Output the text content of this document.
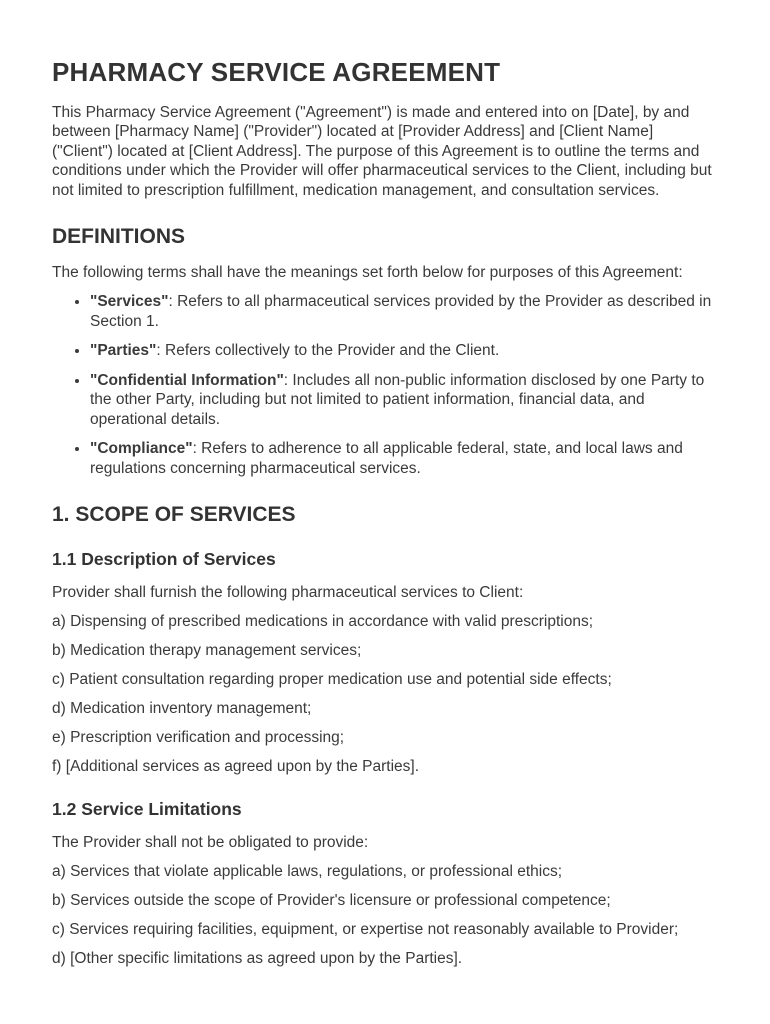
PHARMACY SERVICE AGREEMENT

This Pharmacy Service Agreement ("Agreement") is made and entered into on [Date], by and between [Pharmacy Name] ("Provider") located at [Provider Address] and [Client Name] ("Client") located at [Client Address]. The purpose of this Agreement is to outline the terms and conditions under which the Provider will offer pharmaceutical services to the Client, including but not limited to prescription fulfillment, medication management, and consultation services.

DEFINITIONS

The following terms shall have the meanings set forth below for purposes of this Agreement:

• "Services": Refers to all pharmaceutical services provided by the Provider as described in Section 1.
• "Parties": Refers collectively to the Provider and the Client.
• "Confidential Information": Includes all non-public information disclosed by one Party to the other Party, including but not limited to patient information, financial data, and operational details.
• "Compliance": Refers to adherence to all applicable federal, state, and local laws and regulations concerning pharmaceutical services.
1. SCOPE OF SERVICES
1.1 Description of Services

Provider shall furnish the following pharmaceutical services to Client:

a) Dispensing of prescribed medications in accordance with valid prescriptions;

b) Medication therapy management services;

c) Patient consultation regarding proper medication use and potential side effects;

d) Medication inventory management;

e) Prescription verification and processing;

f) [Additional services as agreed upon by the Parties].

1.2 Service Limitations

The Provider shall not be obligated to provide:

a) Services that violate applicable laws, regulations, or professional ethics;

b) Services outside the scope of Provider's licensure or professional competence;

c) Services requiring facilities, equipment, or expertise not reasonably available to Provider;

d) [Other specific limitations as agreed upon by the Parties].
